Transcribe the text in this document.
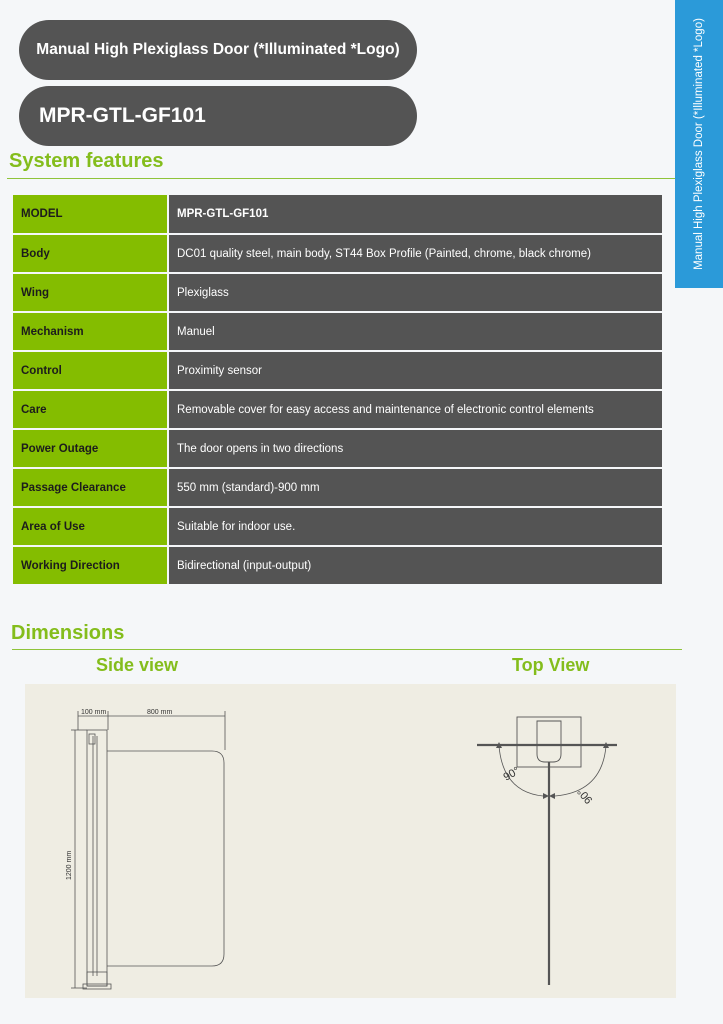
Manual High Plexiglass Door (*Illuminated *Logo)
MPR-GTL-GF101	Manual High Plexiglass Door (*Illuminated *Logo)
System features
MODEL	MPR-GTL-GF101
Body	DC01 quality steel, main body, ST44 Box Profile (Painted, chrome, black chrome)
Wing	Plexiglass
Mechanism	Manuel
Control	Proximity sensor
Care	Removable cover for easy access and maintenance of electronic control elements
Power Outage	The door opens in two directions
Passage Clearance	550 mm (standard)-900 mm
Area of Use	Suitable for indoor use.
Working Direction	Bidirectional (input-output)
Dimensions
Side view	Top View
100 mm	800 mm
1200 mm
90°
90°
